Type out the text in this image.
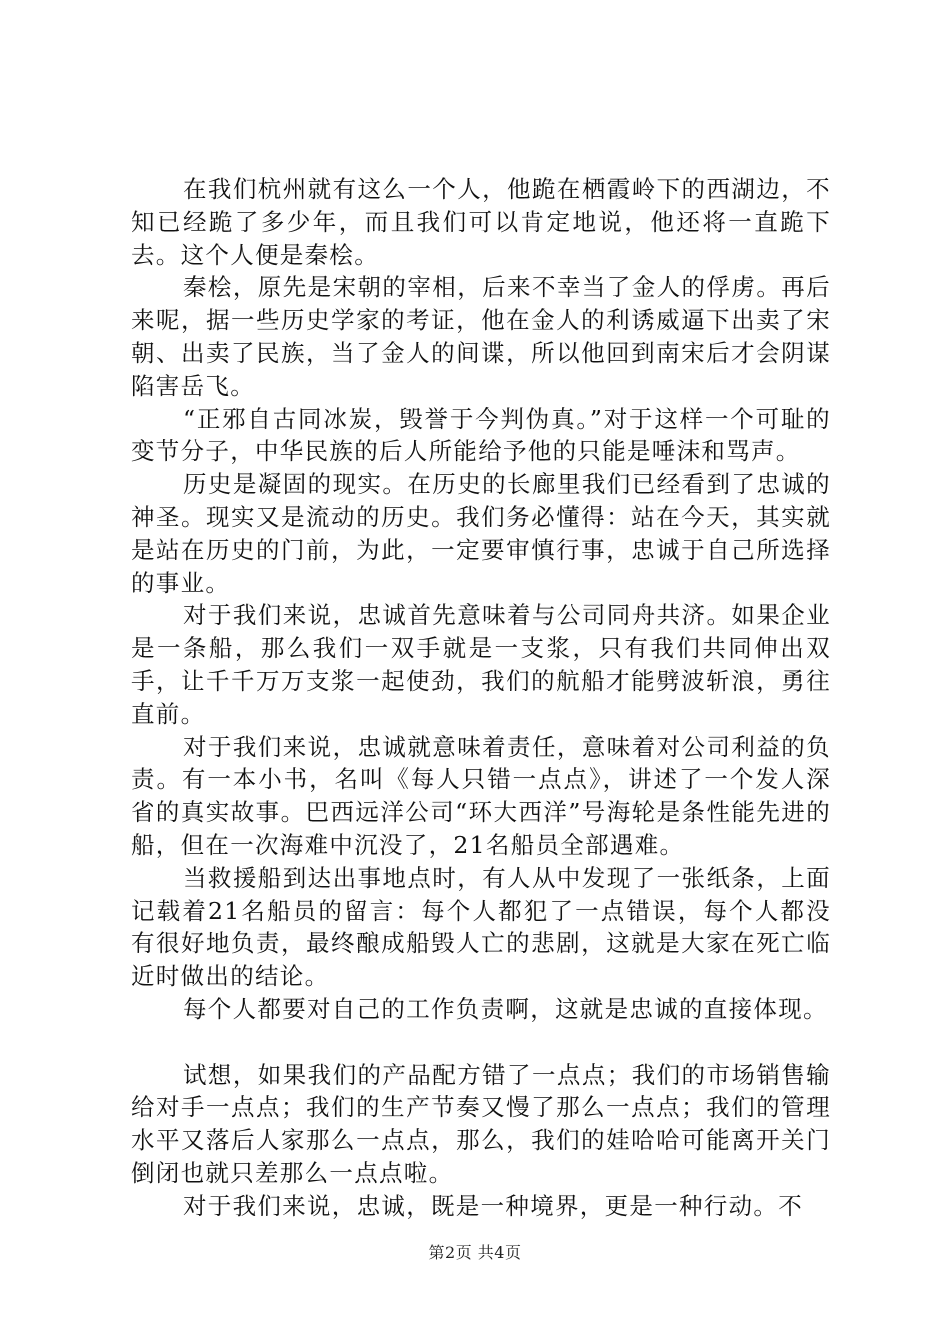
在我们杭州就有这么一个人，他跪在栖霞岭下的西湖边，不知已经跪了多少年，而且我们可以肯定地说，他还将一直跪下去。这个人便是秦桧。

秦桧，原先是宋朝的宰相，后来不幸当了金人的俘虏。再后来呢，据一些历史学家的考证，他在金人的利诱威逼下出卖了宋朝、出卖了民族，当了金人的间谍，所以他回到南宋后才会阴谋陷害岳飞。

“正邪自古同冰炭，毁誉于今判伪真。”对于这样一个可耻的变节分子，中华民族的后人所能给予他的只能是唾沫和骂声。

历史是凝固的现实。在历史的长廊里我们已经看到了忠诚的神圣。现实又是流动的历史。我们务必懂得：站在今天，其实就是站在历史的门前，为此，一定要审慎行事，忠诚于自己所选择的事业。

对于我们来说，忠诚首先意味着与公司同舟共济。如果企业是一条船，那么我们一双手就是一支浆，只有我们共同伸出双手，让千千万万支浆一起使劲，我们的航船才能劈波斩浪，勇往直前。

对于我们来说，忠诚就意味着责任，意味着对公司利益的负责。有一本小书，名叫《每人只错一点点》，讲述了一个发人深省的真实故事。巴西远洋公司“环大西洋”号海轮是条性能先进的船，但在一次海难中沉没了，21名船员全部遇难。

当救援船到达出事地点时，有人从中发现了一张纸条，上面记载着21名船员的留言：每个人都犯了一点错误，每个人都没有很好地负责，最终酿成船毁人亡的悲剧，这就是大家在死亡临近时做出的结论。

每个人都要对自己的工作负责啊，这就是忠诚的直接体现。

试想，如果我们的产品配方错了一点点；我们的市场销售输给对手一点点；我们的生产节奏又慢了那么一点点；我们的管理水平又落后人家那么一点点，那么，我们的娃哈哈可能离开关门倒闭也就只差那么一点点啦。

对于我们来说，忠诚，既是一种境界，更是一种行动。不

第2页 共4页
